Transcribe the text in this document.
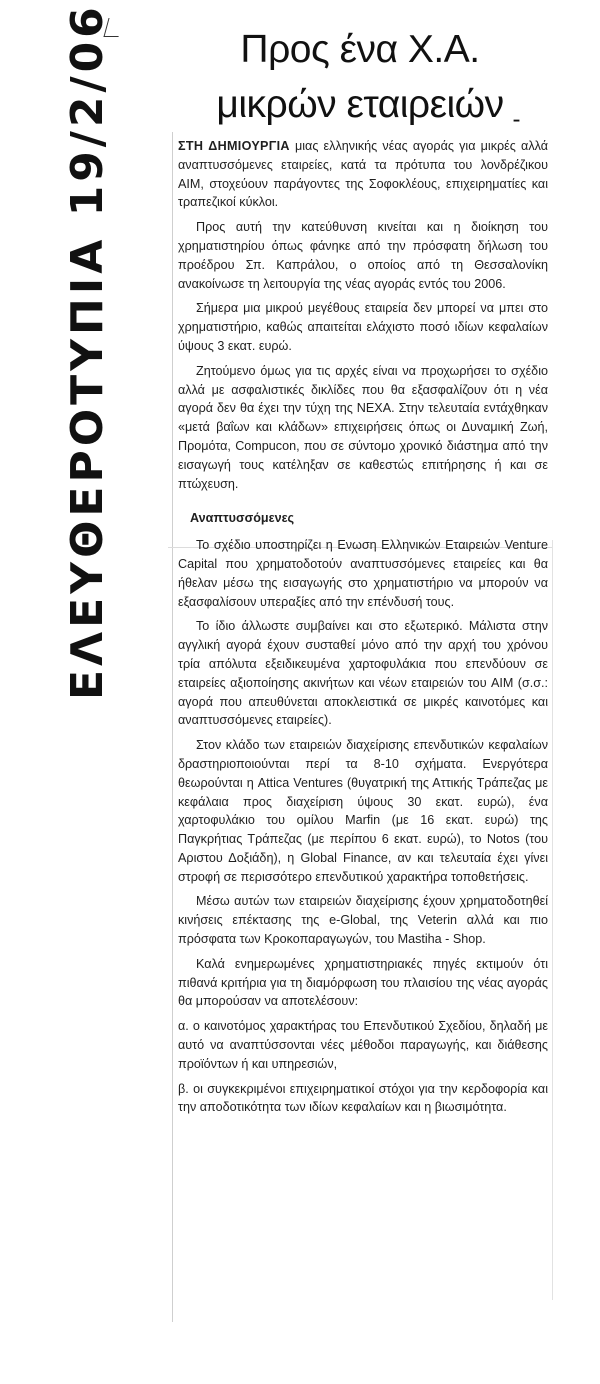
ΕΛΕΥΘΕΡΟΤΥΠΙΑ 19/2/06	Προς ένα Χ.Α.
μικρών εταιρειών -

ΣΤΗ ΔΗΜΙΟΥΡΓΙΑ μιας ελληνικής νέας αγοράς για μικρές αλλά αναπτυσσόμενες εταιρείες, κατά τα πρότυπα του λονδρέζικου AIM, στοχεύουν παράγοντες της Σοφοκλέους, επιχειρηματίες και τραπεζικοί κύκλοι.

Προς αυτή την κατεύθυνση κινείται και η διοίκηση του χρηματιστηρίου όπως φάνηκε από την πρόσφατη δήλωση του προέδρου Σπ. Καπράλου, ο οποίος από τη Θεσσαλονίκη ανακοίνωσε τη λειτουργία της νέας αγοράς εντός του 2006.

Σήμερα μια μικρού μεγέθους εταιρεία δεν μπορεί να μπει στο χρηματιστήριο, καθώς απαιτείται ελάχιστο ποσό ιδίων κεφαλαίων ύψους 3 εκατ. ευρώ.

Ζητούμενο όμως για τις αρχές είναι να προχωρήσει το σχέδιο αλλά με ασφαλιστικές δικλίδες που θα εξασφαλίζουν ότι η νέα αγορά δεν θα έχει την τύχη της ΝΕΧΑ. Στην τελευταία εντάχθηκαν «μετά βαΐων και κλάδων» επιχειρήσεις όπως οι Δυναμική Ζωή, Προμότα, Compucon, που σε σύντομο χρονικό διάστημα από την εισαγωγή τους κατέληξαν σε καθεστώς επιτήρησης ή και σε πτώχευση.

Αναπτυσσόμενες

Το σχέδιο υποστηρίζει η Ενωση Ελληνικών Εταιρειών Venture Capital που χρηματοδοτούν αναπτυσσόμενες εταιρείες και θα ήθελαν μέσω της εισαγωγής στο χρηματιστήριο να μπορούν να εξασφαλίσουν υπεραξίες από την επένδυσή τους.

Το ίδιο άλλωστε συμβαίνει και στο εξωτερικό. Μάλιστα στην αγγλική αγορά έχουν συσταθεί μόνο από την αρχή του χρόνου τρία απόλυτα εξειδικευμένα χαρτοφυλάκια που επενδύουν σε εταιρείες αξιοποίησης ακινήτων και νέων εταιρειών του AIM (σ.σ.: αγορά που απευθύνεται αποκλειστικά σε μικρές καινοτόμες και αναπτυσσόμενες εταιρείες).

Στον κλάδο των εταιρειών διαχείρισης επενδυτικών κεφαλαίων δραστηριοποιούνται περί τα 8-10 σχήματα. Ενεργότερα θεωρούνται η Attica Ventures (θυγατρική της Αττικής Τράπεζας με κεφάλαια προς διαχείριση ύψους 30 εκατ. ευρώ), ένα χαρτοφυλάκιο του ομίλου Marfin (με 16 εκατ. ευρώ) της Παγκρήτιας Τράπεζας (με περίπου 6 εκατ. ευρώ), το Notos (του Αριστου Δοξιάδη), η Global Finance, αν και τελευταία έχει γίνει στροφή σε περισσότερο επενδυτικού χαρακτήρα τοποθετήσεις.

Μέσω αυτών των εταιρειών διαχείρισης έχουν χρηματοδοτηθεί κινήσεις επέκτασης της e-Global, της Veterin αλλά και πιο πρόσφατα των Κροκοπαραγωγών, του Mastiha - Shop.

Καλά ενημερωμένες χρηματιστηριακές πηγές εκτιμούν ότι πιθανά κριτήρια για τη διαμόρφωση του πλαισίου της νέας αγοράς θα μπορούσαν να αποτελέσουν:

α. ο καινοτόμος χαρακτήρας του Επενδυτικού Σχεδίου, δηλαδή με αυτό να αναπτύσσονται νέες μέθοδοι παραγωγής, και διάθεσης προϊόντων ή και υπηρεσιών,

β. οι συγκεκριμένοι επιχειρηματικοί στόχοι για την κερδοφορία και την αποδοτικότητα των ιδίων κεφαλαίων και η βιωσιμότητα.
